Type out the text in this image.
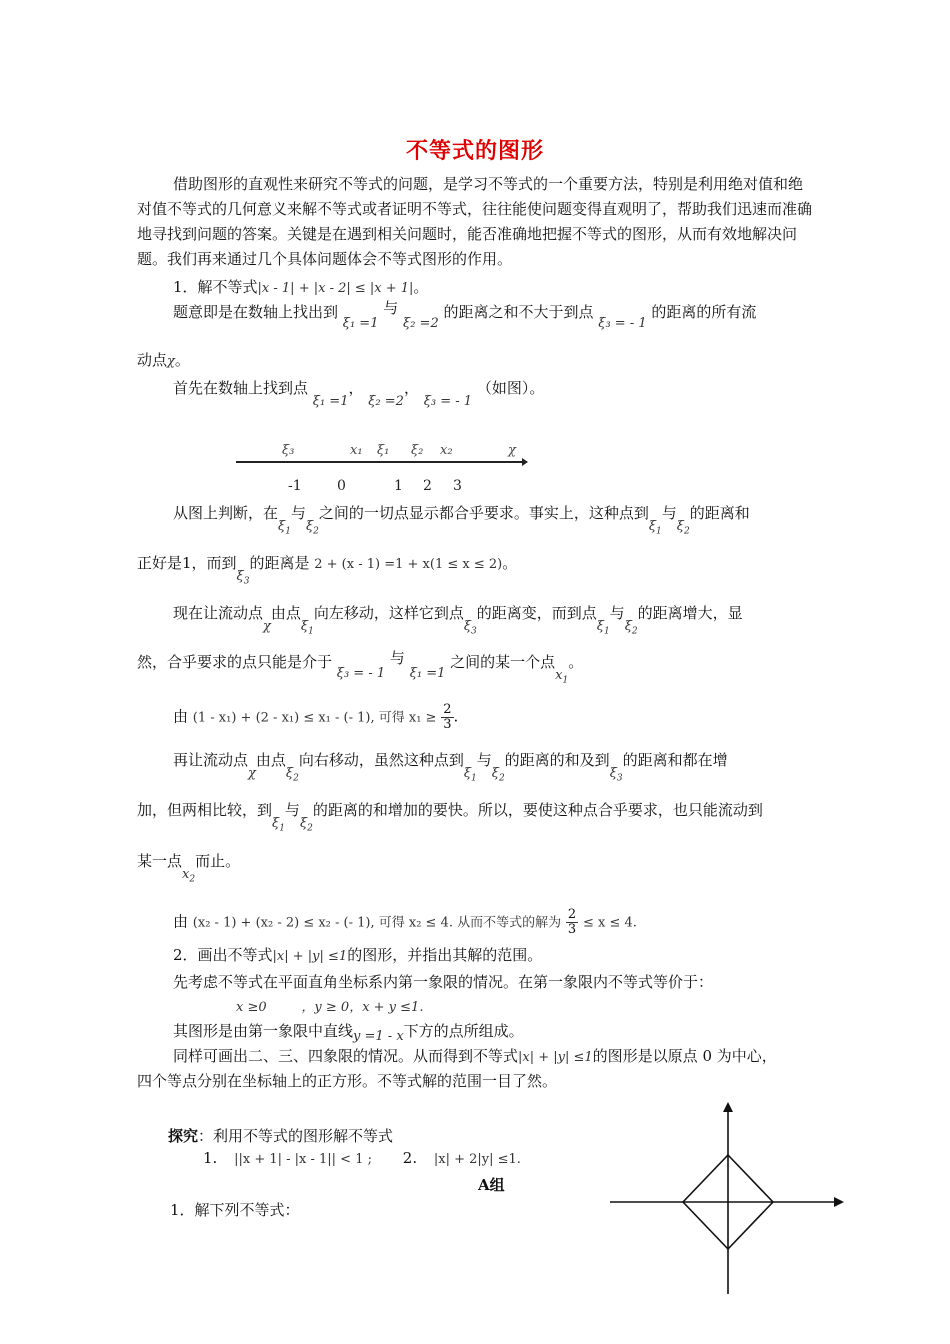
不等式的图形

借助图形的直观性来研究不等式的问题，是学习不等式的一个重要方法，特别是利用绝对值和绝对值不等式的几何意义来解不等式或者证明不等式，往往能使问题变得直观明了，帮助我们迅速而准确地寻找到问题的答案。关键是在遇到相关问题时，能否准确地把握不等式的图形，从而有效地解决问题。我们再来通过几个具体问题体会不等式图形的作用。

1．解不等式|x - 1| + |x - 2| ≤ |x + 1|。
题意即是在数轴上找出到 ξ₁ =1 与 ξ₂ =2 的距离之和不大于到点 ξ₃ = - 1 的距离的所有流
动点χ。
首先在数轴上找到点 ξ₁ =1， ξ₂ =2， ξ₃ = - 1 （如图）。
ξ₃	x₁ ξ₁ ξ₂ x₂	χ
-1	0	1 2 3
从图上判断，在$\xi_1$与$\xi_2$之间的一切点显示都合乎要求。事实上，这种点到$\xi_1$与$\xi_2$的距离和
正好是1，而到$\xi_3$的距离是 2 + (x - 1) =1 + x(1 ≤ x ≤ 2)。
现在让流动点χ由点$\xi_1$向左移动，这样它到点$\xi_3$的距离变，而到点$\xi_1$与$\xi_2$的距离增大，显
然，合乎要求的点只能是介于 ξ₃ = - 1 与 ξ₁ =1 之间的某一个点$x_1$。
由 (1 - x₁) + (2 - x₁) ≤ x₁ - (- 1), 可得 $x_1 \ge \frac{2}{3}$ .
再让流动点χ由点$\xi_2$向右移动，虽然这种点到$\xi_1$与$\xi_2$的距离的和及到$\xi_3$的距离和都在增
加，但两相比较，到$\xi_1$与$\xi_2$的距离的和增加的要快。所以，要使这种点合乎要求，也只能流动到
某一点$x_2$而止。
由 (x₂ - 1) + (x₂ - 2) ≤ x₂ - (- 1), 可得 x₂ ≤ 4. 从而不等式的解为 $\frac{2}{3} \le x \le 4$.
2．画出不等式|x| + |y| ≤1的图形，并指出其解的范围。
先考虑不等式在平面直角坐标系内第一象限的情况。在第一象限内不等式等价于：
x ≥0	，y ≥ 0，x + y ≤1.
其图形是由第一象限中直线y =1 - x下方的点所组成。
同样可画出二、三、四象限的情况。从而得到不等式|x| + |y| ≤1的图形是以原点 0 为中心，
四个等点分别在坐标轴上的正方形。不等式解的范围一目了然。
探究：利用不等式的图形解不等式
1. ||x + 1| - |x - 1|| < 1 ; 2. |x| + 2|y| ≤1.
A组
1．解下列不等式：
